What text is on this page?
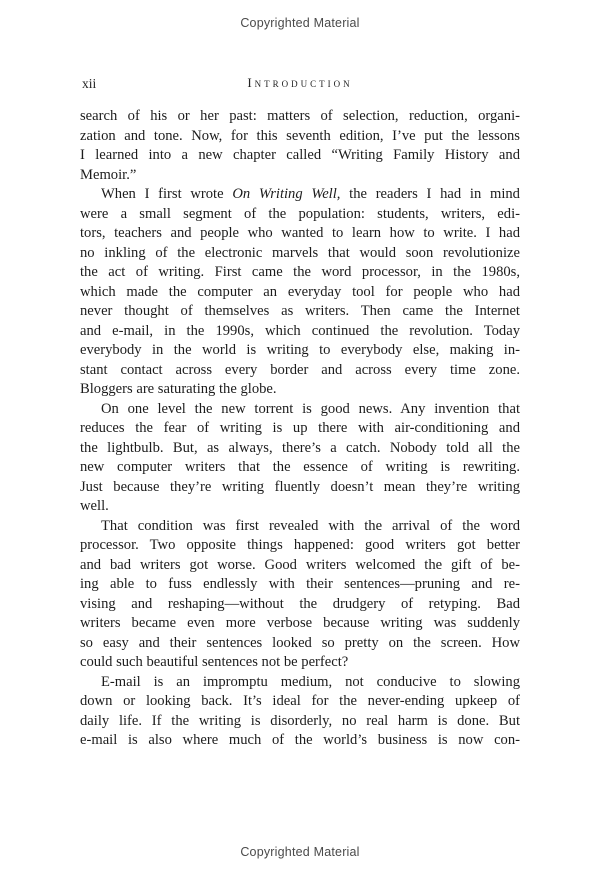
Copyrighted Material
xii	Introduction
search of his or her past: matters of selection, reduction, organi-
zation and tone. Now, for this seventh edition, I’ve put the lessons
I learned into a new chapter called “Writing Family History and
Memoir.”
When I first wrote On Writing Well, the readers I had in mind
were a small segment of the population: students, writers, edi-
tors, teachers and people who wanted to learn how to write. I had
no inkling of the electronic marvels that would soon revolutionize
the act of writing. First came the word processor, in the 1980s,
which made the computer an everyday tool for people who had
never thought of themselves as writers. Then came the Internet
and e-mail, in the 1990s, which continued the revolution. Today
everybody in the world is writing to everybody else, making in-
stant contact across every border and across every time zone.
Bloggers are saturating the globe.
On one level the new torrent is good news. Any invention that
reduces the fear of writing is up there with air-conditioning and
the lightbulb. But, as always, there’s a catch. Nobody told all the
new computer writers that the essence of writing is rewriting.
Just because they’re writing fluently doesn’t mean they’re writing
well.
That condition was first revealed with the arrival of the word
processor. Two opposite things happened: good writers got better
and bad writers got worse. Good writers welcomed the gift of be-
ing able to fuss endlessly with their sentences—pruning and re-
vising and reshaping—without the drudgery of retyping. Bad
writers became even more verbose because writing was suddenly
so easy and their sentences looked so pretty on the screen. How
could such beautiful sentences not be perfect?
E-mail is an impromptu medium, not conducive to slowing
down or looking back. It’s ideal for the never-ending upkeep of
daily life. If the writing is disorderly, no real harm is done. But
e-mail is also where much of the world’s business is now con-
Copyrighted Material
